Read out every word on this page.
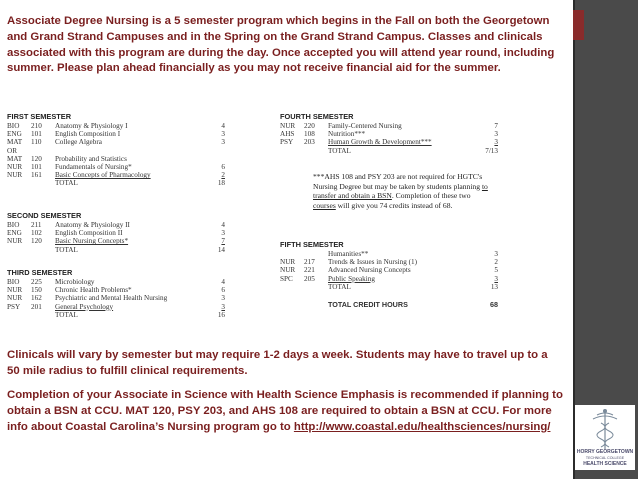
Associate Degree Nursing is a 5 semester program which begins in the Fall on both the Georgetown and Grand Strand Campuses and in the Spring on the Grand Strand Campus. Classes and clinicals associated with this program are during the day. Once accepted you will attend year round, including summer. Please plan ahead financially as you may not receive financial aid for the summer.

FIRST SEMESTER
BIO	210	Anatomy & Physiology I	4
ENG	101	English Composition I	3
MAT	110	College Algebra	3
OR			
MAT	120	Probability and Statistics	
NUR	101	Fundamentals of Nursing*	6
NUR	161	Basic Concepts of Pharmacology	2
		TOTAL	18
SECOND SEMESTER
BIO	211	Anatomy & Physiology II	4
ENG	102	English Composition II	3
NUR	120	Basic Nursing Concepts*	7
		TOTAL	14
THIRD SEMESTER
BIO	225	Microbiology	4
NUR	150	Chronic Health Problems*	6
NUR	162	Psychiatric and Mental Health Nursing	3
PSY	201	General Psychology	3
		TOTAL	16
FOURTH SEMESTER
NUR	220	Family-Centered Nursing	7
AHS	108	Nutrition***	3
PSY	203	Human Growth & Development***	3
		TOTAL	7/13
***AHS 108 and PSY 203 are not required for HGTC's Nursing Degree but may be taken by students planning to transfer and obtain a BSN. Completion of these two courses will give you 74 credits instead of 68.
FIFTH SEMESTER
		Humanities**	3
NUR	217	Trends & Issues in Nursing (1)	2
NUR	221	Advanced Nursing Concepts	5
SPC	205	Public Speaking	3
		TOTAL	13
		TOTAL CREDIT HOURS	68

Clinicals will vary by semester but may require 1-2 days a week. Students may have to travel up to a 50 mile radius to fulfill clinical requirements.

Completion of your Associate in Science with Health Science Emphasis is recommended if planning to obtain a BSN at CCU. MAT 120, PSY 203, and AHS 108 are required to obtain a BSN at CCU. For more info about Coastal Carolina’s Nursing program go to http://www.coastal.edu/healthsciences/nursing/

HORRY GEORGETOWN
TECHNICAL COLLEGE
HEALTH SCIENCE
